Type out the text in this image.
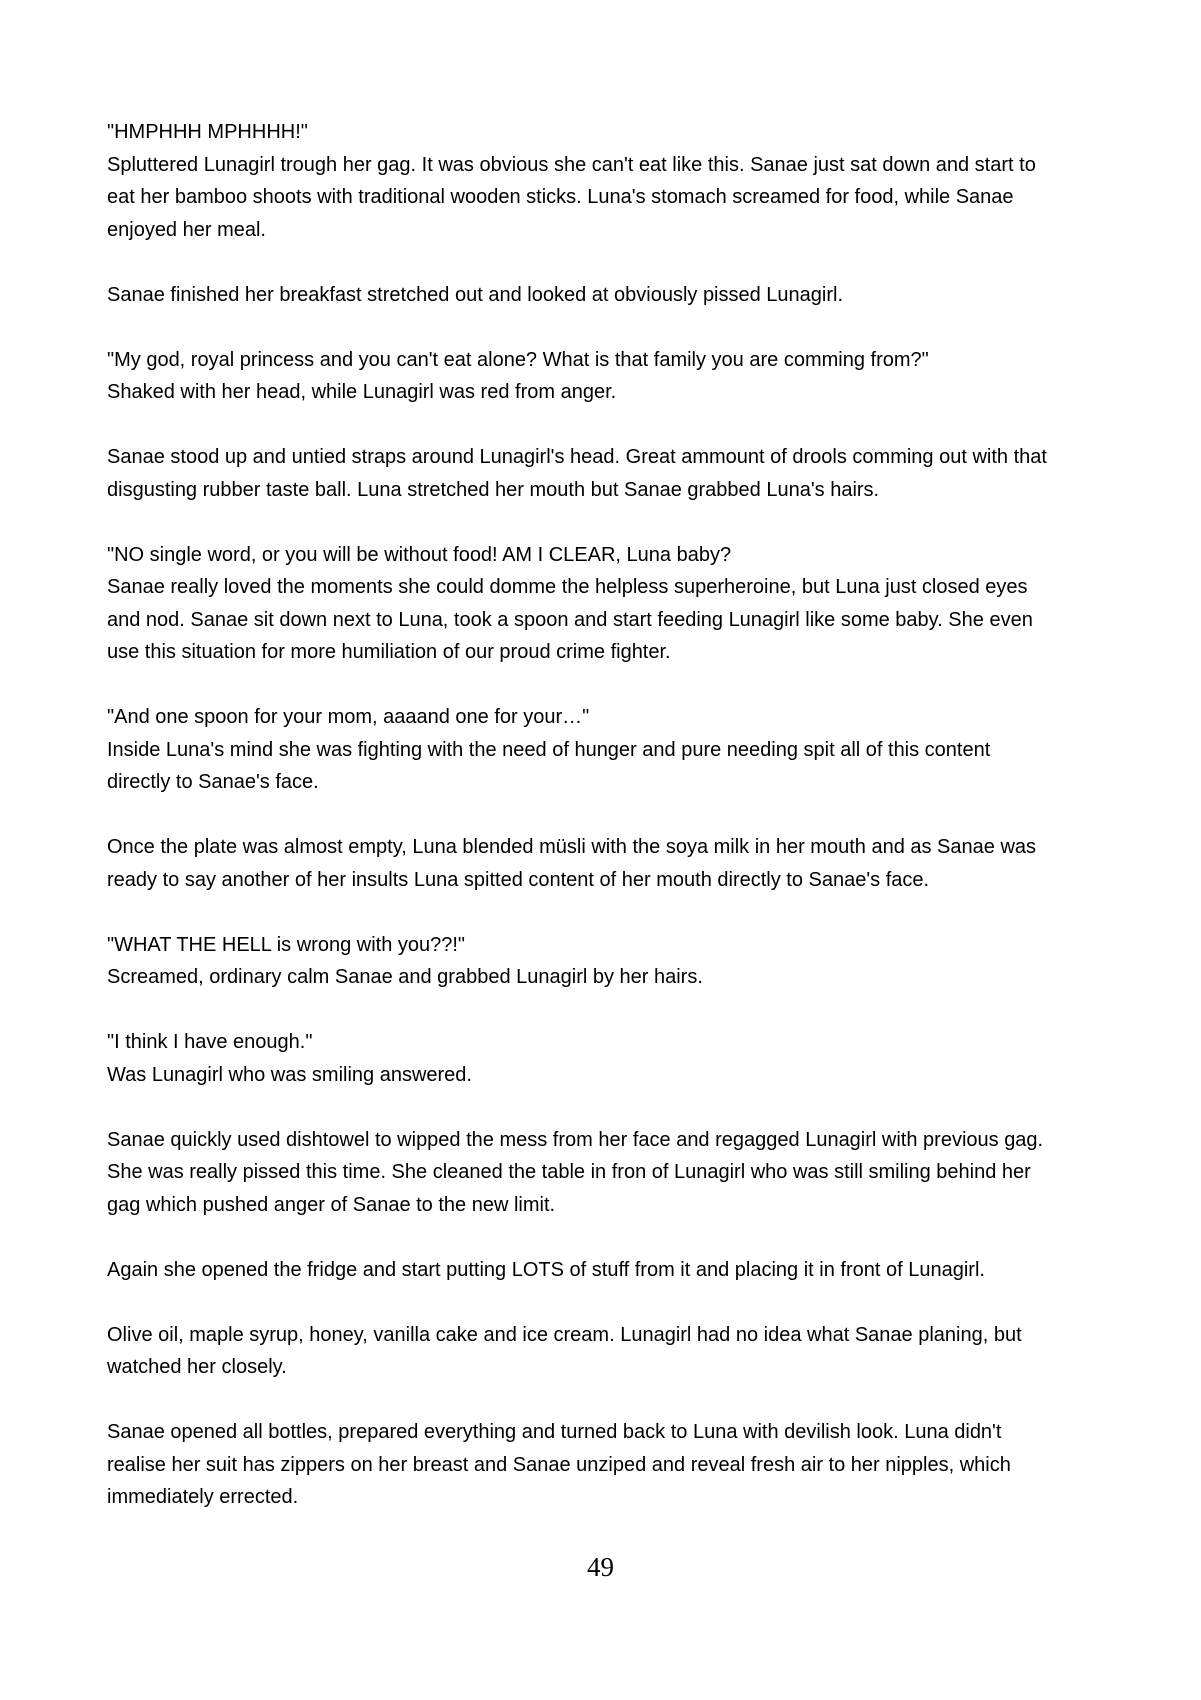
"HMPHHH MPHHHH!"
Spluttered Lunagirl trough her gag. It was obvious she can't eat like this. Sanae just sat down and start to
eat her bamboo shoots with traditional wooden sticks. Luna's stomach screamed for food, while Sanae
enjoyed her meal.
Sanae finished her breakfast stretched out and looked at obviously pissed Lunagirl.
"My god, royal princess and you can't eat alone? What is that family you are comming from?"
Shaked with her head, while Lunagirl was red from anger.
Sanae stood up and untied straps around Lunagirl's head. Great ammount of drools comming out with that
disgusting rubber taste ball. Luna stretched her mouth but Sanae grabbed Luna's hairs.
"NO single word, or you will be without food! AM I CLEAR, Luna baby?
Sanae really loved the moments she could domme the helpless superheroine, but Luna just closed eyes
and nod. Sanae sit down next to Luna, took a spoon and start feeding Lunagirl like some baby. She even
use this situation for more humiliation of our proud crime fighter.
"And one spoon for your mom, aaaand one for your…"
Inside Luna's mind she was fighting with the need of hunger and pure needing spit all of this content
directly to Sanae's face.
Once the plate was almost empty, Luna blended müsli with the soya milk in her mouth and as Sanae was
ready to say another of her insults Luna spitted content of her mouth directly to Sanae's face.
"WHAT THE HELL is wrong with you??!"
Screamed, ordinary calm Sanae and grabbed Lunagirl by her hairs.
"I think I have enough."
Was Lunagirl who was smiling answered.
Sanae quickly used dishtowel to wipped the mess from her face and regagged Lunagirl with previous gag.
She was really pissed this time. She cleaned the table in fron of Lunagirl who was still smiling behind her
gag which pushed anger of Sanae to the new limit.
Again she opened the fridge and start putting LOTS of stuff from it and placing it in front of Lunagirl.
Olive oil, maple syrup, honey, vanilla cake and ice cream. Lunagirl had no idea what Sanae planing, but
watched her closely.
Sanae opened all bottles, prepared everything and turned back to Luna with devilish look. Luna didn't
realise her suit has zippers on her breast and Sanae unziped and reveal fresh air to her nipples, which
immediately errected.
49
